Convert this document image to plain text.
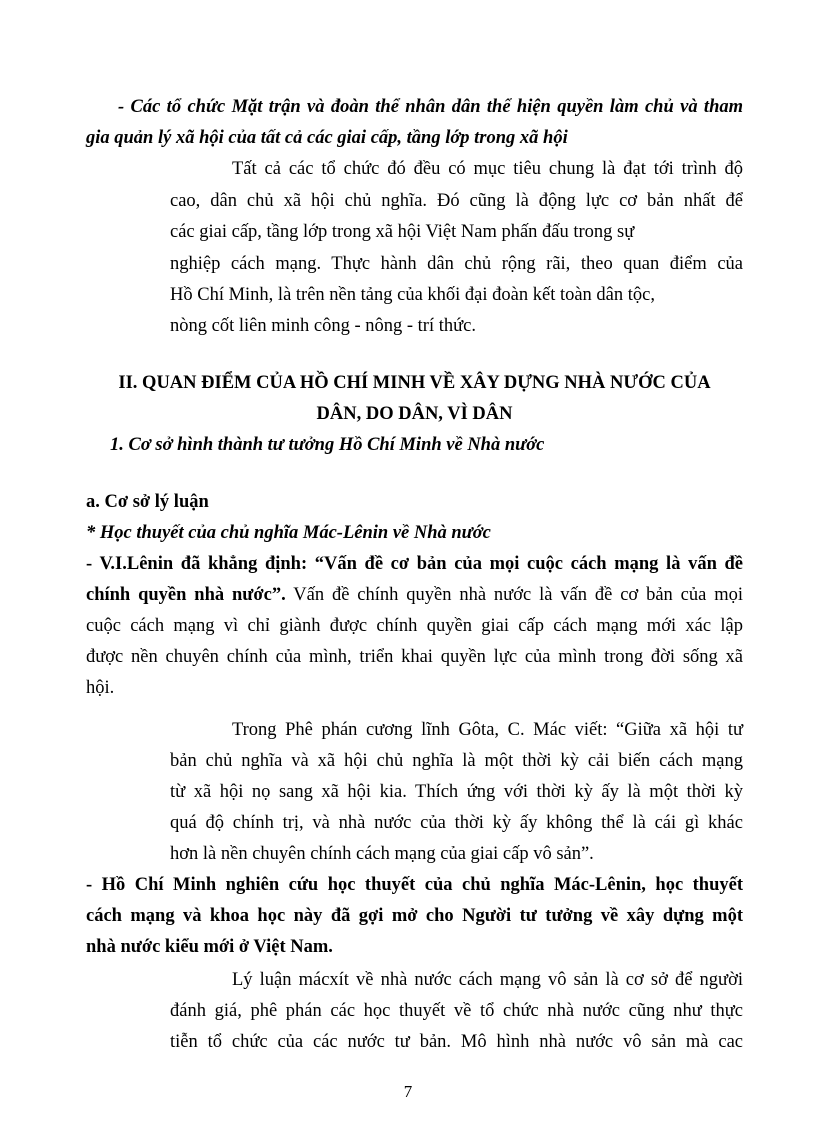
- Các tổ chức Mặt trận và đoàn thể nhân dân thể hiện quyền làm chủ và tham
gia quản lý xã hội của tất cả các giai cấp, tầng lớp trong xã hội
Tất cả các tổ chức đó đều có mục tiêu chung là đạt tới trình độ
cao, dân chủ xã hội chủ nghĩa. Đó cũng là động lực cơ bản nhất để
các giai cấp, tầng lớp trong xã hội Việt Nam phấn đấu trong sự
nghiệp cách mạng. Thực hành dân chủ rộng rãi, theo quan điểm của
Hồ Chí Minh, là trên nền tảng của khối đại đoàn kết toàn dân tộc,
nòng cốt liên minh công - nông - trí thức.
II. QUAN ĐIỂM CỦA HỒ CHÍ MINH VỀ XÂY DỰNG NHÀ NƯỚC CỦA
DÂN, DO DÂN, VÌ DÂN
1. Cơ sở hình thành tư tưởng Hồ Chí Minh về Nhà nước
a. Cơ sở lý luận
* Học thuyết của chủ nghĩa Mác-Lênin về Nhà nước
- V.I.Lênin đã khẳng định: “Vấn đề cơ bản của mọi cuộc cách mạng là vấn đề
chính quyền nhà nước”. Vấn đề chính quyền nhà nước là vấn đề cơ bản của mọi
cuộc cách mạng vì chỉ giành được chính quyền giai cấp cách mạng mới xác lập
được nền chuyên chính của mình, triển khai quyền lực của mình trong đời sống xã
hội.
Trong Phê phán cương lĩnh Gôta, C. Mác viết: “Giữa xã hội tư
bản chủ nghĩa và xã hội chủ nghĩa là một thời kỳ cải biến cách mạng
từ xã hội nọ sang xã hội kia. Thích ứng với thời kỳ ấy là một thời kỳ
quá độ chính trị, và nhà nước của thời kỳ ấy không thể là cái gì khác
hơn là nền chuyên chính cách mạng của giai cấp vô sản”.
- Hồ Chí Minh nghiên cứu học thuyết của chủ nghĩa Mác-Lênin, học thuyết
cách mạng và khoa học này đã gợi mở cho Người tư tưởng về xây dựng một
nhà nước kiểu mới ở Việt Nam.
Lý luận mácxít về nhà nước cách mạng vô sản là cơ sở để người
đánh giá, phê phán các học thuyết về tổ chức nhà nước cũng như thực
tiễn tổ chức của các nước tư bản. Mô hình nhà nước vô sản mà cac
7
